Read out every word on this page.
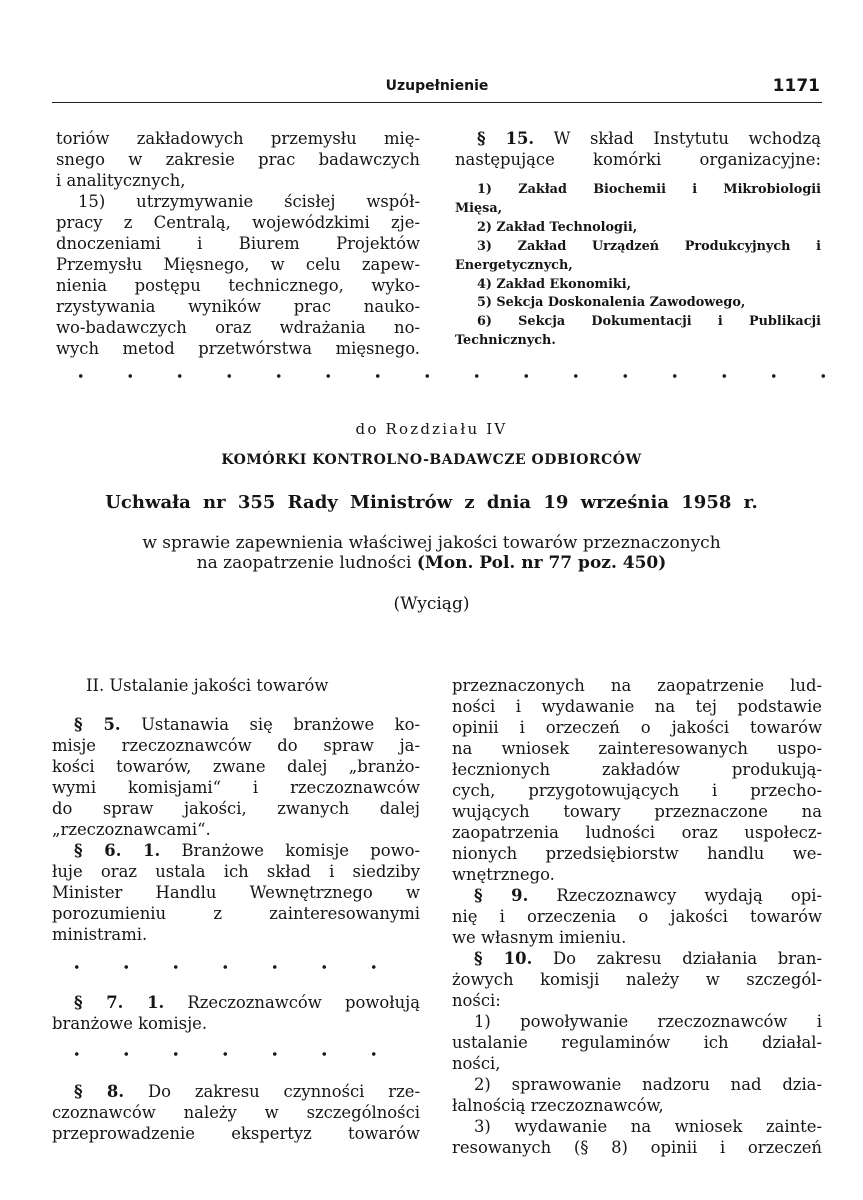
Uzupełnienie	1171

toriów zakładowych przemysłu mię-

snego w zakresie prac badawczych

i analitycznych,

15) utrzymywanie ścisłej współ-

pracy z Centralą, wojewódzkimi zje-

dnoczeniami i Biurem Projektów

Przemysłu Mięsnego, w celu zapew-

nienia postępu technicznego, wyko-

rzystywania wyników prac nauko-

wo-badawczych oraz wdrażania no-

wych metod przetwórstwa mięsnego.

§ 15. W skład Instytutu wchodzą

następujące komórki organizacyjne:

1) Zakład Biochemii i Mikrobiologii

Mięsa,

2) Zakład Technologii,

3) Zakład Urządzeń Produkcyjnych i

Energetycznych,

4) Zakład Ekonomiki,

5) Sekcja Doskonalenia Zawodowego,

6) Sekcja Dokumentacji i Publikacji

Technicznych.

do Rozdziału IV
KOMÓRKI KONTROLNO-BADAWCZE ODBIORCÓW
Uchwała nr 355 Rady Ministrów z dnia 19 września 1958 r.
w sprawie zapewnienia właściwej jakości towarów przeznaczonych
na zaopatrzenie ludności (Mon. Pol. nr 77 poz. 450)
(Wyciąg)

II. Ustalanie jakości towarów

§ 5. Ustanawia się branżowe ko-

misje rzeczoznawców do spraw ja-

kości towarów, zwane dalej „branżo-

wymi komisjami“ i rzeczoznawców

do spraw jakości, zwanych dalej

„rzeczoznawcami“.

§ 6. 1. Branżowe komisje powo-

łuje oraz ustala ich skład i siedziby

Minister Handlu Wewnętrznego w

porozumieniu z zainteresowanymi

ministrami.

§ 7. 1. Rzeczoznawców powołują

branżowe komisje.

§ 8. Do zakresu czynności rze-

czoznawców należy w szczególności

przeprowadzenie ekspertyz towarów

przeznaczonych na zaopatrzenie lud-

ności i wydawanie na tej podstawie

opinii i orzeczeń o jakości towarów

na wniosek zainteresowanych uspo-

łecznionych zakładów produkują-

cych, przygotowujących i przecho-

wujących towary przeznaczone na

zaopatrzenia ludności oraz uspołecz-

nionych przedsiębiorstw handlu we-

wnętrznego.

§ 9. Rzeczoznawcy wydają opi-

nię i orzeczenia o jakości towarów

we własnym imieniu.

§ 10. Do zakresu działania bran-

żowych komisji należy w szczegól-

ności:

1) powoływanie rzeczoznawców i

ustalanie regulaminów ich działal-

ności,

2) sprawowanie nadzoru nad dzia-

łalnością rzeczoznawców,

3) wydawanie na wniosek zainte-

resowanych (§ 8) opinii i orzeczeń
